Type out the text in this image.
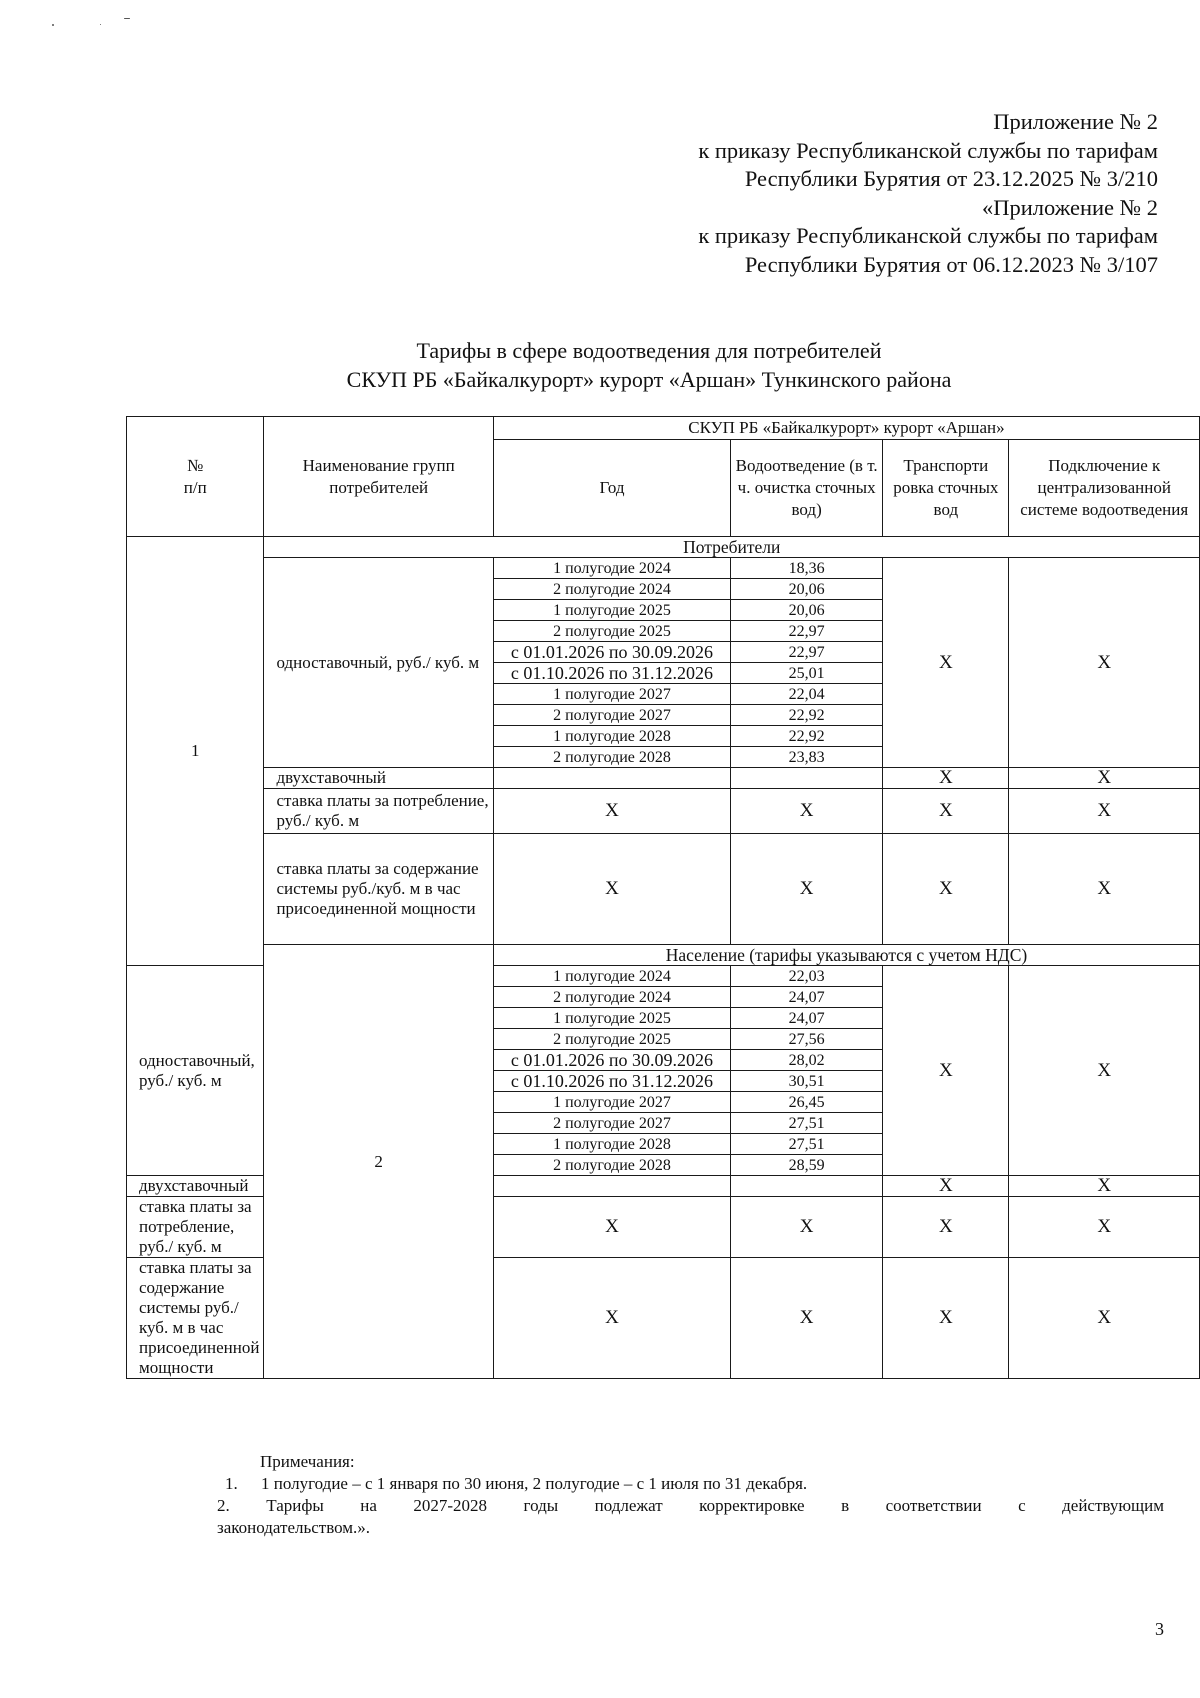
Приложение № 2
к приказу Республиканской службы по тарифам
Республики Бурятия от 23.12.2025 № 3/210
«Приложение № 2
к приказу Республиканской службы по тарифам
Республики Бурятия от 06.12.2023 № 3/107
Тарифы в сфере водоотведения для потребителей
СКУП РБ «Байкалкурорт» курорт «Аршан» Тункинского района
№
п/п	Наименование групп потребителей	СКУП РБ «Байкалкурорт» курорт «Аршан»			
		Год	Водоотведение (в т. ч. очистка сточных вод)	Транспорти ровка сточных вод	Подключение к централизованной системе водоотведения
1	Потребители				
	одноставочный, руб./ куб. м	1 полугодие 2024	18,36	X	X
		2 полугодие 2024	20,06		
		1 полугодие 2025	20,06		
		2 полугодие 2025	22,97		
		с 01.01.2026 по 30.09.2026	22,97		
		с 01.10.2026 по 31.12.2026	25,01		
		1 полугодие 2027	22,04		
		2 полугодие 2027	22,92		
		1 полугодие 2028	22,92		
		2 полугодие 2028	23,83		
	двухставочный			X	X
	ставка платы за потребление, руб./ куб. м	X	X	X	X
	ставка платы за содержание системы руб./куб. м в час присоединенной мощности	X	X	X	X
	2	Население (тарифы указываются с учетом НДС)			
одноставочный, руб./ куб. м		1 полугодие 2024	22,03	X	X
		2 полугодие 2024	24,07		
		1 полугодие 2025	24,07		
		2 полугодие 2025	27,56		
		с 01.01.2026 по 30.09.2026	28,02		
		с 01.10.2026 по 31.12.2026	30,51		
		1 полугодие 2027	26,45		
		2 полугодие 2027	27,51		
		1 полугодие 2028	27,51		
		2 полугодие 2028	28,59		
двухставочный				X	X
ставка платы за потребление, руб./ куб. м		X	X	X	X
ставка платы за содержание системы руб./куб. м в час присоединенной мощности		X	X	X	X
Примечания:
1. 1 полугодие – с 1 января по 30 июня, 2 полугодие – с 1 июля по 31 декабря.
2. Тарифы на 2027-2028 годы подлежат корректировке в соответствии с действующим
законодательством.».
3
